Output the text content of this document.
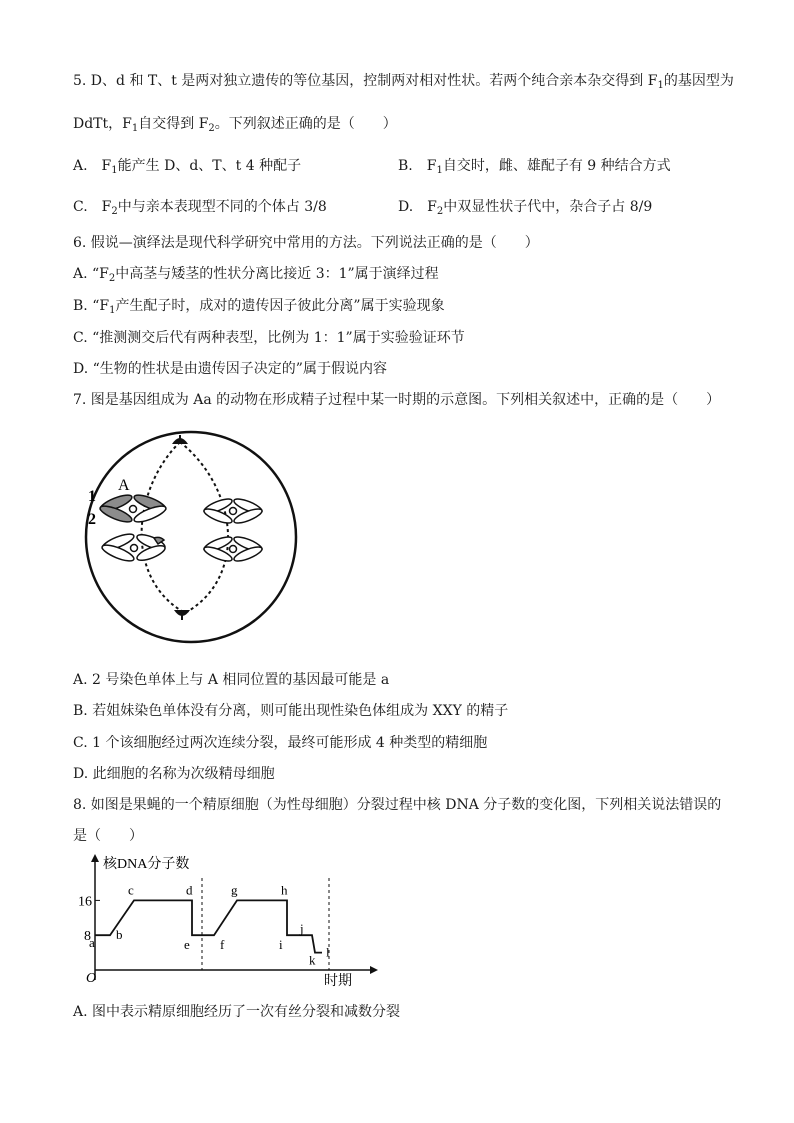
5. D、d 和 T、t 是两对独立遗传的等位基因，控制两对相对性状。若两个纯合亲本杂交得到 $F_1$的基因型为
DdTt，$F_1$自交得到 $F_2$。下列叙述正确的是（　　）
A.　$F_1$能产生 D、d、T、t 4 种配子	B.　$F_1$自交时，雌、雄配子有 9 种结合方式
C.　$F_2$中与亲本表现型不同的个体占 3/8	D.　$F_2$中双显性状子代中，杂合子占 8/9
6. 假说—演绎法是现代科学研究中常用的方法。下列说法正确的是（　　）
A. “$F_2$中高茎与矮茎的性状分离比接近 3：1”属于演绎过程
B. “$F_1$产生配子时，成对的遗传因子彼此分离”属于实验现象
C. “推测测交后代有两种表型，比例为 1：1”属于实验验证环节
D. “生物的性状是由遗传因子决定的”属于假说内容
7. 图是基因组成为 Aa 的动物在形成精子过程中某一时期的示意图。下列相关叙述中，正确的是（　　）
A
1
2
A. 2 号染色单体上与 A 相同位置的基因最可能是 a
B. 若姐妹染色单体没有分离，则可能出现性染色体组成为 XXY 的精子
C. 1 个该细胞经过两次连续分裂，最终可能形成 4 种类型的精细胞
D. 此细胞的名称为次级精母细胞
8. 如图是果蝇的一个精原细胞（为性母细胞）分裂过程中核 DNA 分子数的变化图，下列相关说法错误的
是（　　）
核DNA分子数
时期
O
8
16
a
b
c	d
e f
g	h
i
j
k
l
A. 图中表示精原细胞经历了一次有丝分裂和减数分裂
